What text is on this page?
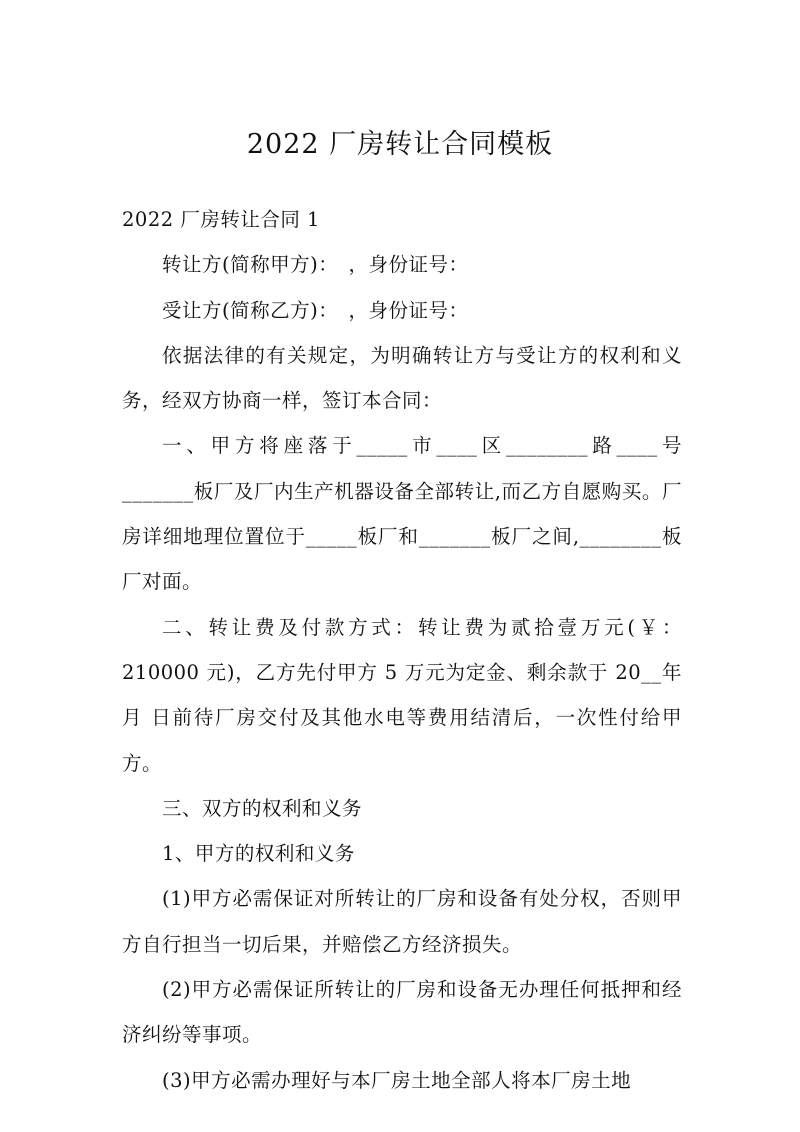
2022 厂房转让合同模板

2022 厂房转让合同 1

转让方(简称甲方)：　，身份证号：

受让方(简称乙方)：　，身份证号：

依据法律的有关规定，为明确转让方与受让方的权利和义务，经双方协商一样，签订本合同：

一、甲方将座落于_____市____区________路____号_______板厂及厂内生产机器设备全部转让,而乙方自愿购买。厂房详细地理位置位于_____板厂和_______板厂之间,________板厂对面。

二、转让费及付款方式：转让费为贰拾壹万元(￥：210000 元)，乙方先付甲方 5 万元为定金、剩余款于 20__年月 日前待厂房交付及其他水电等费用结清后，一次性付给甲方。

三、双方的权利和义务

1、甲方的权利和义务

(1)甲方必需保证对所转让的厂房和设备有处分权，否则甲方自行担当一切后果，并赔偿乙方经济损失。

(2)甲方必需保证所转让的厂房和设备无办理任何抵押和经济纠纷等事项。

(3)甲方必需办理好与本厂房土地全部人将本厂房土地
